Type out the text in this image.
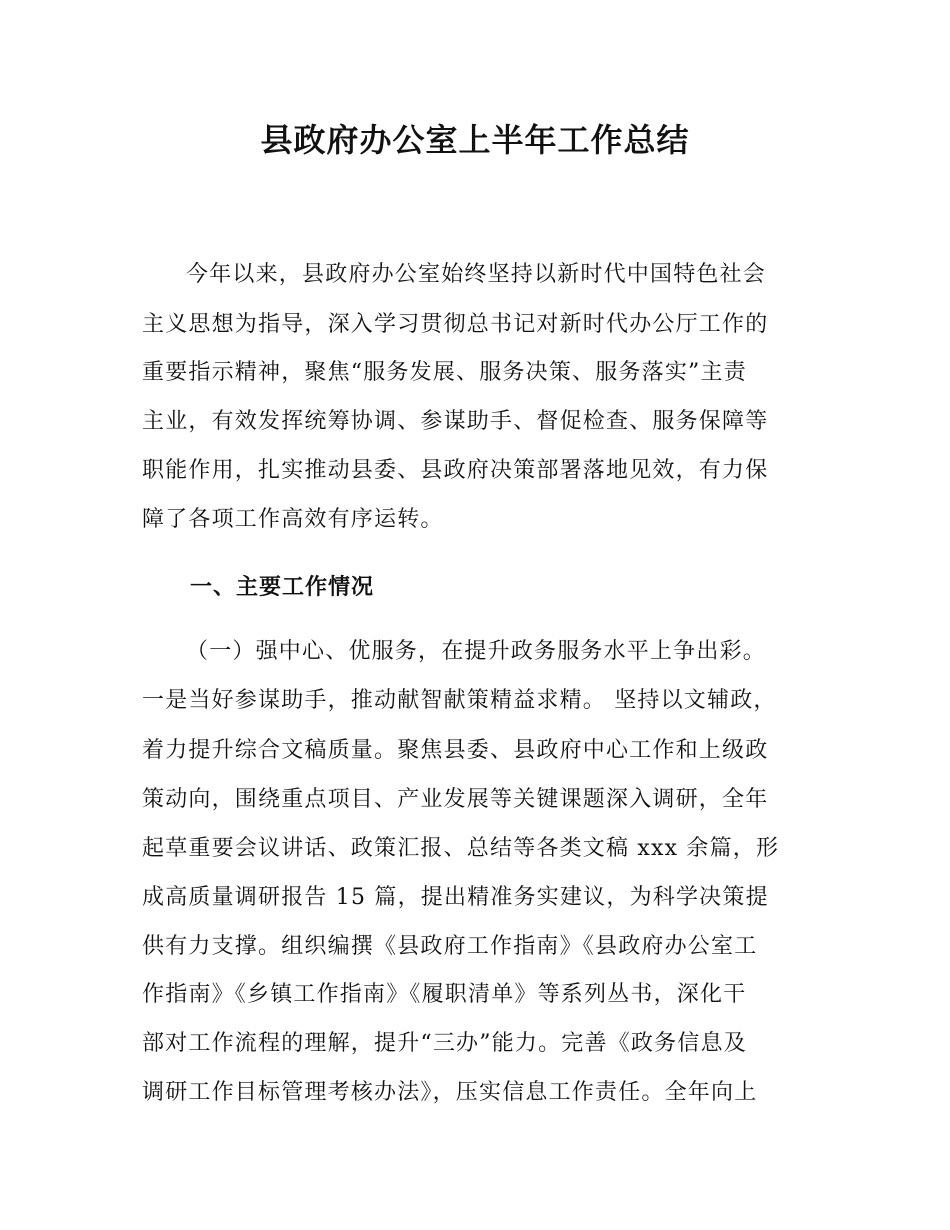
县政府办公室上半年工作总结
今年以来，县政府办公室始终坚持以新时代中国特色社会
主义思想为指导，深入学习贯彻总书记对新时代办公厅工作的
重要指示精神，聚焦“服务发展、服务决策、服务落实”主责
主业，有效发挥统筹协调、参谋助手、督促检查、服务保障等
职能作用，扎实推动县委、县政府决策部署落地见效，有力保
障了各项工作高效有序运转。
一、主要工作情况
（一）强中心、优服务，在提升政务服务水平上争出彩。
一是当好参谋助手，推动献智献策精益求精。 坚持以文辅政，
着力提升综合文稿质量。聚焦县委、县政府中心工作和上级政
策动向，围绕重点项目、产业发展等关键课题深入调研，全年
起草重要会议讲话、政策汇报、总结等各类文稿 xxx 余篇，形
成高质量调研报告 15 篇，提出精准务实建议，为科学决策提
供有力支撑。组织编撰《县政府工作指南》《县政府办公室工
作指南》《乡镇工作指南》《履职清单》等系列丛书，深化干
部对工作流程的理解，提升“三办”能力。完善《政务信息及
调研工作目标管理考核办法》，压实信息工作责任。全年向上
